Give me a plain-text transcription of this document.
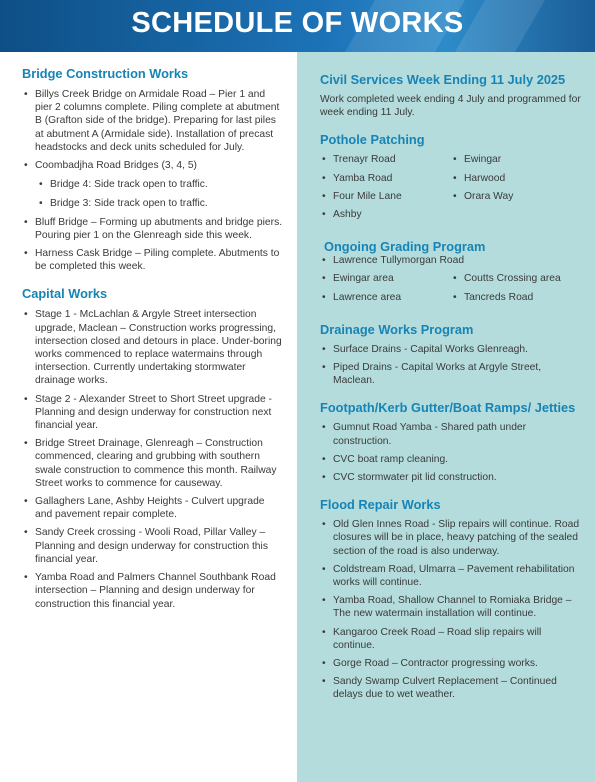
SCHEDULE OF WORKS
Bridge Construction Works
• Billys Creek Bridge on Armidale Road – Pier 1 and pier 2 columns complete. Piling complete at abutment B (Grafton side of the bridge). Preparing for last piles at abutment A (Armidale side). Installation of precast headstocks and deck units scheduled for July.
• Coombadjha Road Bridges (3, 4, 5)
• Bridge 4: Side track open to traffic.
• Bridge 3: Side track open to traffic.
• Bluff Bridge – Forming up abutments and bridge piers. Pouring pier 1 on the Glenreagh side this week.
• Harness Cask Bridge – Piling complete. Abutments to be completed this week.
Capital Works
• Stage 1 - McLachlan & Argyle Street intersection upgrade, Maclean – Construction works progressing, intersection closed and detours in place. Under-boring works commenced to replace watermains through intersection. Currently undertaking stormwater drainage works.
• Stage 2 - Alexander Street to Short Street upgrade - Planning and design underway for construction next financial year.
• Bridge Street Drainage, Glenreagh – Construction commenced, clearing and grubbing with southern swale construction to commence this month. Railway Street works to commence for causeway.
• Gallaghers Lane, Ashby Heights - Culvert upgrade and pavement repair complete.
• Sandy Creek crossing - Wooli Road, Pillar Valley – Planning and design underway for construction this financial year.
• Yamba Road and Palmers Channel Southbank Road intersection – Planning and design underway for construction this financial year.
Civil Services Week Ending 11 July 2025

Work completed week ending 4 July and programmed for week ending 11 July.

Pothole Patching
• Trenayr Road
• Yamba Road
• Four Mile Lane
• Ashby
• Ewingar
• Harwood
• Orara Way
Ongoing Grading Program
• Lawrence Tullymorgan Road
• Ewingar area
• Lawrence area
• Coutts Crossing area
• Tancreds Road
Drainage Works Program
• Surface Drains - Capital Works Glenreagh.
• Piped Drains - Capital Works at Argyle Street, Maclean.
Footpath/Kerb Gutter/Boat Ramps/ Jetties
• Gumnut Road Yamba - Shared path under construction.
• CVC boat ramp cleaning.
• CVC stormwater pit lid construction.
Flood Repair Works
• Old Glen Innes Road - Slip repairs will continue. Road closures will be in place, heavy patching of the sealed section of the road is also underway.
• Coldstream Road, Ulmarra – Pavement rehabilitation works will continue.
• Yamba Road, Shallow Channel to Romiaka Bridge – The new watermain installation will continue.
• Kangaroo Creek Road – Road slip repairs will continue.
• Gorge Road – Contractor progressing works.
• Sandy Swamp Culvert Replacement – Continued delays due to wet weather.
